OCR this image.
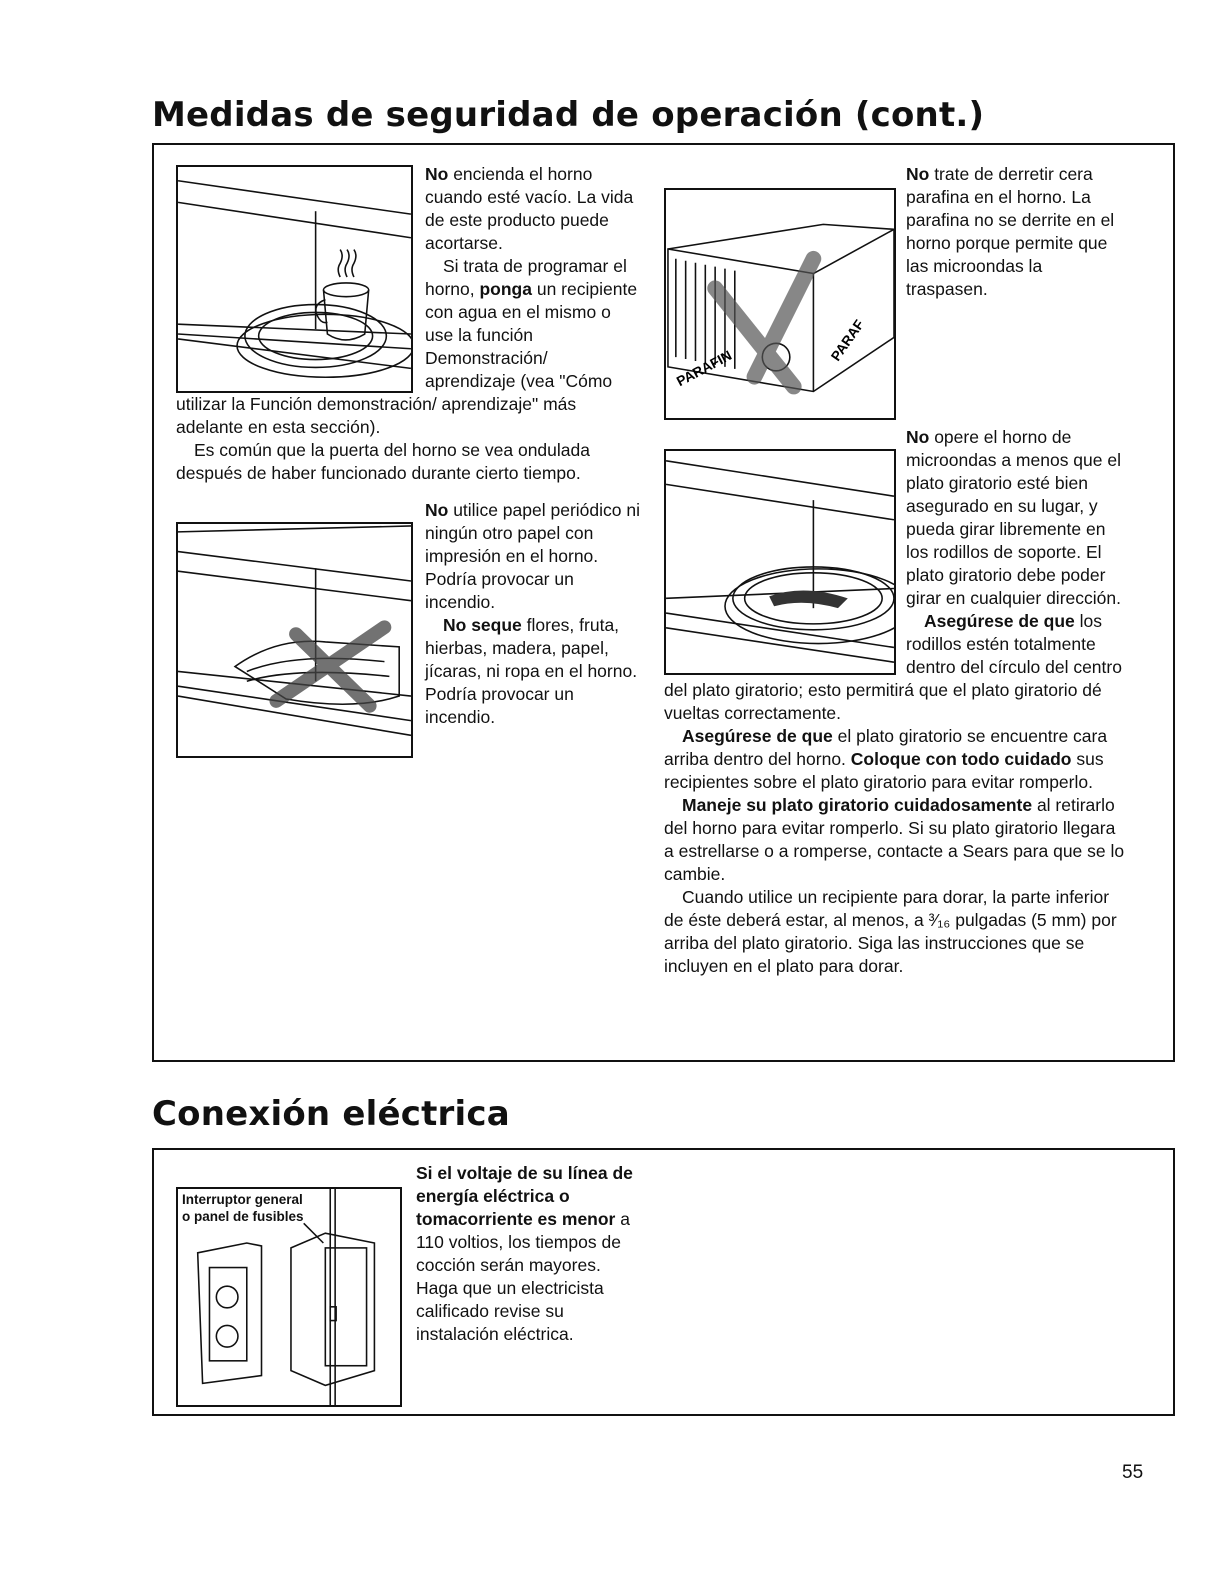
Medidas de seguridad de operación (cont.)

No encienda el horno cuando esté vacío. La vida de este producto puede acortarse.

Si trata de programar el horno, ponga un recipiente con agua en el mismo o use la función Demonstración/ aprendizaje (vea "Cómo utilizar la Función demonstración/ aprendizaje" más adelante en esta sección).

Es común que la puerta del horno se vea ondulada después de haber funcionado durante cierto tiempo.

No utilice papel periódico ni ningún otro papel con impresión en el horno. Podría provocar un incendio.

No seque flores, fruta, hierbas, madera, papel, jícaras, ni ropa en el horno. Podría provocar un incendio.

PARAFIN
PARAF
No trate de derretir cera parafina en el horno. La parafina no se derrite en el horno porque permite que las microondas la traspasen.

No opere el horno de microondas a menos que el plato giratorio esté bien asegurado en su lugar, y pueda girar libremente en los rodillos de soporte. El plato giratorio debe poder girar en cualquier dirección.

Asegúrese de que los rodillos estén totalmente dentro del círculo del centro del plato giratorio; esto permitirá que el plato giratorio dé vueltas correctamente.

Asegúrese de que el plato giratorio se encuentre cara arriba dentro del horno. Coloque con todo cuidado sus recipientes sobre el plato giratorio para evitar romperlo.

Maneje su plato giratorio cuidadosamente al retirarlo del horno para evitar romperlo. Si su plato giratorio llegara a estrellarse o a romperse, contacte a Sears para que se lo cambie.

Cuando utilice un recipiente para dorar, la parte inferior de éste deberá estar, al menos, a ³⁄₁₆ pulgadas (5 mm) por arriba del plato giratorio. Siga las instrucciones que se incluyen en el plato para dorar.

Conexión eléctrica

Interruptor general
o panel de fusibles
Si el voltaje de su línea de energía eléctrica o tomacorriente es menor a 110 voltios, los tiempos de cocción serán mayores. Haga que un electricista calificado revise su instalación eléctrica.

55
